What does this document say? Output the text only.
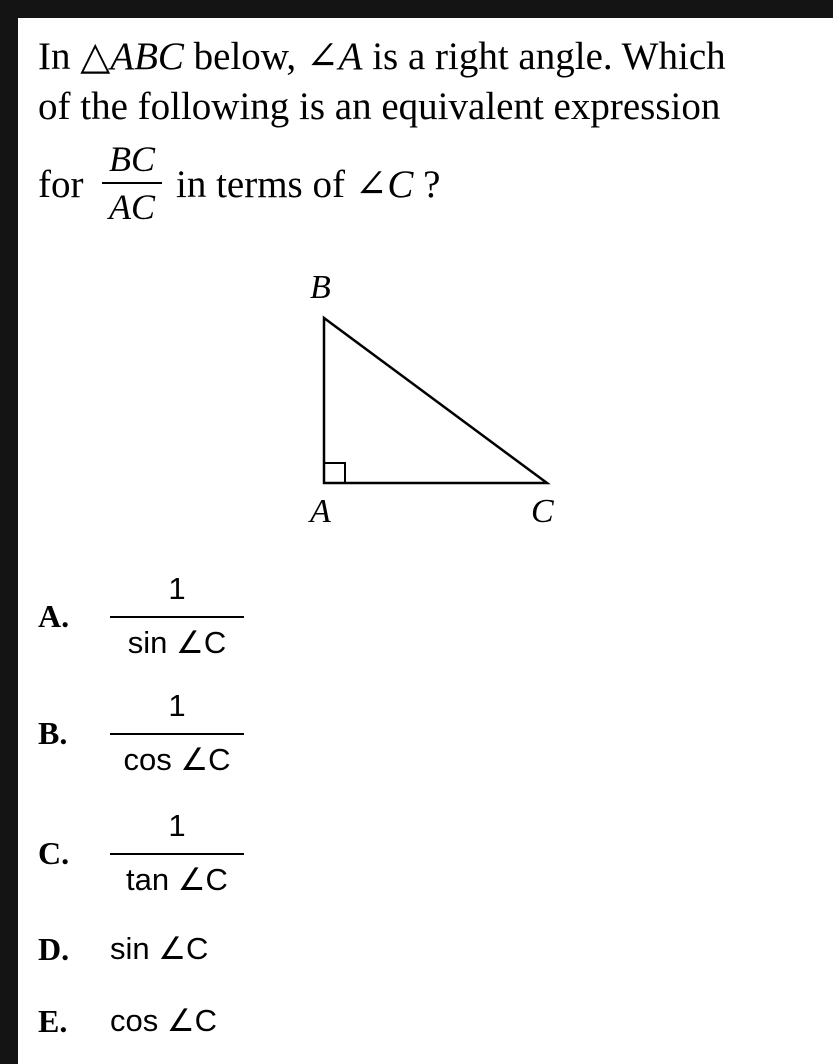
In △ABC below, ∠A is a right angle. Which
of the following is an equivalent expression
for
BC
AC
in terms of ∠C ?
B
A	C
A.
1
sin ∠C
B.
1
cos ∠C
C.
1
tan ∠C
D. sin ∠C
E. cos ∠C
